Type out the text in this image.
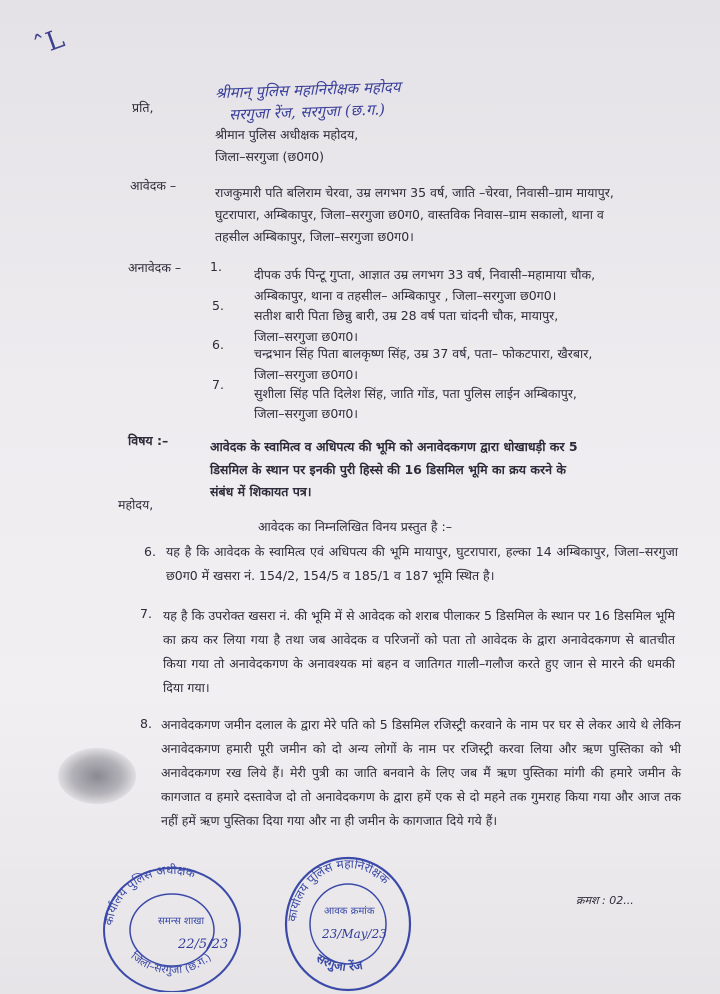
ˆL
श्रीमान् पुलिस महानिरीक्षक महोदय
सरगुजा रेंज, सरगुजा (छ.ग.)
प्रति,
श्रीमान पुलिस अधीक्षक महोदय,
जिला–सरगुजा (छ0ग0)
आवेदक –	राजकुमारी पति बलिराम चेरवा, उम्र लगभग 35 वर्ष, जाति –चेरवा, निवासी–ग्राम मायापुर,
घुटरापारा, अम्बिकापुर, जिला–सरगुजा छ0ग0, वास्तविक निवास–ग्राम सकालो, थाना व
तहसील अम्बिकापुर, जिला–सरगुजा छ0ग0।
अनावेदक – 1.
दीपक उर्फ पिन्टू गुप्ता, आज्ञात उम्र लगभग 33 वर्ष, निवासी–महामाया चौक,
अम्बिकापुर, थाना व तहसील– अम्बिकापुर , जिला–सरगुजा छ0ग0।
5.
सतीश बारी पिता छिन्नु बारी, उम्र 28 वर्ष पता चांदनी चौक, मायापुर,
जिला–सरगुजा छ0ग0।
6.
चन्द्रभान सिंह पिता बालकृष्ण सिंह, उम्र 37 वर्ष, पता– फोकटपारा, खैरबार,
जिला–सरगुजा छ0ग0।
7.
सुशीला सिंह पति दिलेश सिंह, जाति गोंड, पता पुलिस लाईन अम्बिकापुर,
जिला–सरगुजा छ0ग0।
विषय :–	आवेदक के स्वामित्व व अधिपत्य की भूमि को अनावेदकगण द्वारा धोखाधड़ी कर 5
डिसमिल के स्थान पर इनकी पुरी हिस्से की 16 डिसमिल भूमि का क्रय करने के
संबंध में शिकायत पत्र।
महोदय,
आवेदक का निम्नलिखित विनय प्रस्तुत है :–
6. यह है कि आवेदक के स्वामित्व एवं अधिपत्य की भूमि मायापुर, घुटरापारा, हल्का 14 अम्बिकापुर, जिला–सरगुजा छ0ग0 में खसरा नं. 154/2, 154/5 व 185/1 व 187 भूमि स्थित है।
7. यह है कि उपरोक्त खसरा नं. की भूमि में से आवेदक को शराब पीलाकर 5 डिसमिल के स्थान पर 16 डिसमिल भूमि का क्रय कर लिया गया है तथा जब आवेदक व परिजनों को पता तो आवेदक के द्वारा अनावेदकगण से बातचीत किया गया तो अनावेदकगण के अनावश्यक मां बहन व जातिगत गाली–गलौज करते हुए जान से मारने की धमकी दिया गया।
8. अनावेदकगण जमीन दलाल के द्वारा मेरे पति को 5 डिसमिल रजिस्ट्री करवाने के नाम पर घर से लेकर आये थे लेकिन अनावेदकगण हमारी पूरी जमीन को दो अन्य लोगों के नाम पर रजिस्ट्री करवा लिया और ऋण पुस्तिका को भी अनावेदकगण रख लिये हैं। मेरी पुत्री का जाति बनवाने के लिए जब मैं ऋण पुस्तिका मांगी की हमारे जमीन के कागजात व हमारे दस्तावेज दो तो अनावेदकगण के द्वारा हमें एक से दो महने तक गुमराह किया गया और आज तक नहीं हमें ऋण पुस्तिका दिया गया और ना ही जमीन के कागजात दिये गये हैं।
कार्यालय पुलिस अधीक्षक
जिला–सरगुजा (छ.ग.)
समन्स शाखा
22/5/23
कार्यालय पुलिस महानिरीक्षक
सरगुजा रेंज
आवक क्रमांक
23/May/23
क्रमश : 02...
